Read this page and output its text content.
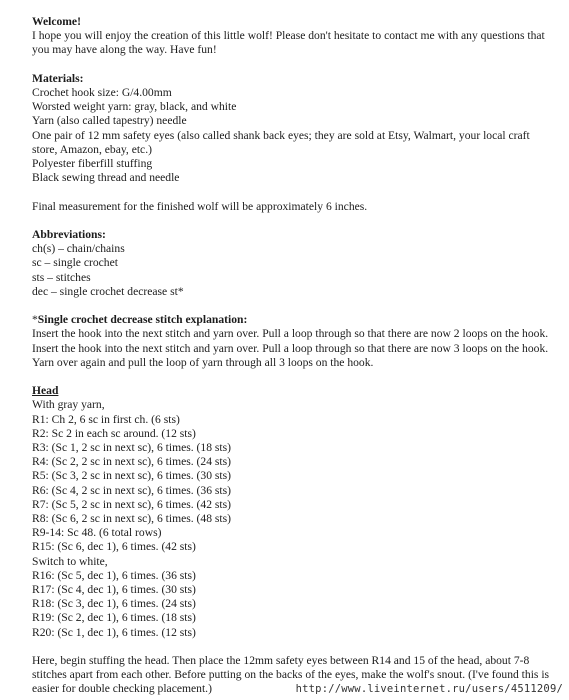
Welcome!
I hope you will enjoy the creation of this little wolf! Please don't hesitate to contact me with any questions that you may have along the way. Have fun!
Materials:
Crochet hook size: G/4.00mm
Worsted weight yarn: gray, black, and white
Yarn (also called tapestry) needle
One pair of 12 mm safety eyes (also called shank back eyes; they are sold at Etsy, Walmart, your local craft store, Amazon, ebay, etc.)
Polyester fiberfill stuffing
Black sewing thread and needle
Final measurement for the finished wolf will be approximately 6 inches.
Abbreviations:
ch(s) – chain/chains
sc – single crochet
sts – stitches
dec – single crochet decrease st*
*Single crochet decrease stitch explanation:
Insert the hook into the next stitch and yarn over. Pull a loop through so that there are now 2 loops on the hook. Insert the hook into the next stitch and yarn over. Pull a loop through so that there are now 3 loops on the hook. Yarn over again and pull the loop of yarn through all 3 loops on the hook.
Head
With gray yarn,
R1: Ch 2, 6 sc in first ch. (6 sts)
R2: Sc 2 in each sc around. (12 sts)
R3: (Sc 1, 2 sc in next sc), 6 times. (18 sts)
R4: (Sc 2, 2 sc in next sc), 6 times. (24 sts)
R5: (Sc 3, 2 sc in next sc), 6 times. (30 sts)
R6: (Sc 4, 2 sc in next sc), 6 times. (36 sts)
R7: (Sc 5, 2 sc in next sc), 6 times. (42 sts)
R8: (Sc 6, 2 sc in next sc), 6 times. (48 sts)
R9-14: Sc 48. (6 total rows)
R15: (Sc 6, dec 1), 6 times. (42 sts)
Switch to white,
R16: (Sc 5, dec 1), 6 times. (36 sts)
R17: (Sc 4, dec 1), 6 times. (30 sts)
R18: (Sc 3, dec 1), 6 times. (24 sts)
R19: (Sc 2, dec 1), 6 times. (18 sts)
R20: (Sc 1, dec 1), 6 times. (12 sts)
Here, begin stuffing the head. Then place the 12mm safety eyes between R14 and 15 of the head, about 7-8 stitches apart from each other. Before putting on the backs of the eyes, make the wolf's snout. (I've found this is easier for double checking placement.)	http://www.liveinternet.ru/users/4511209/
